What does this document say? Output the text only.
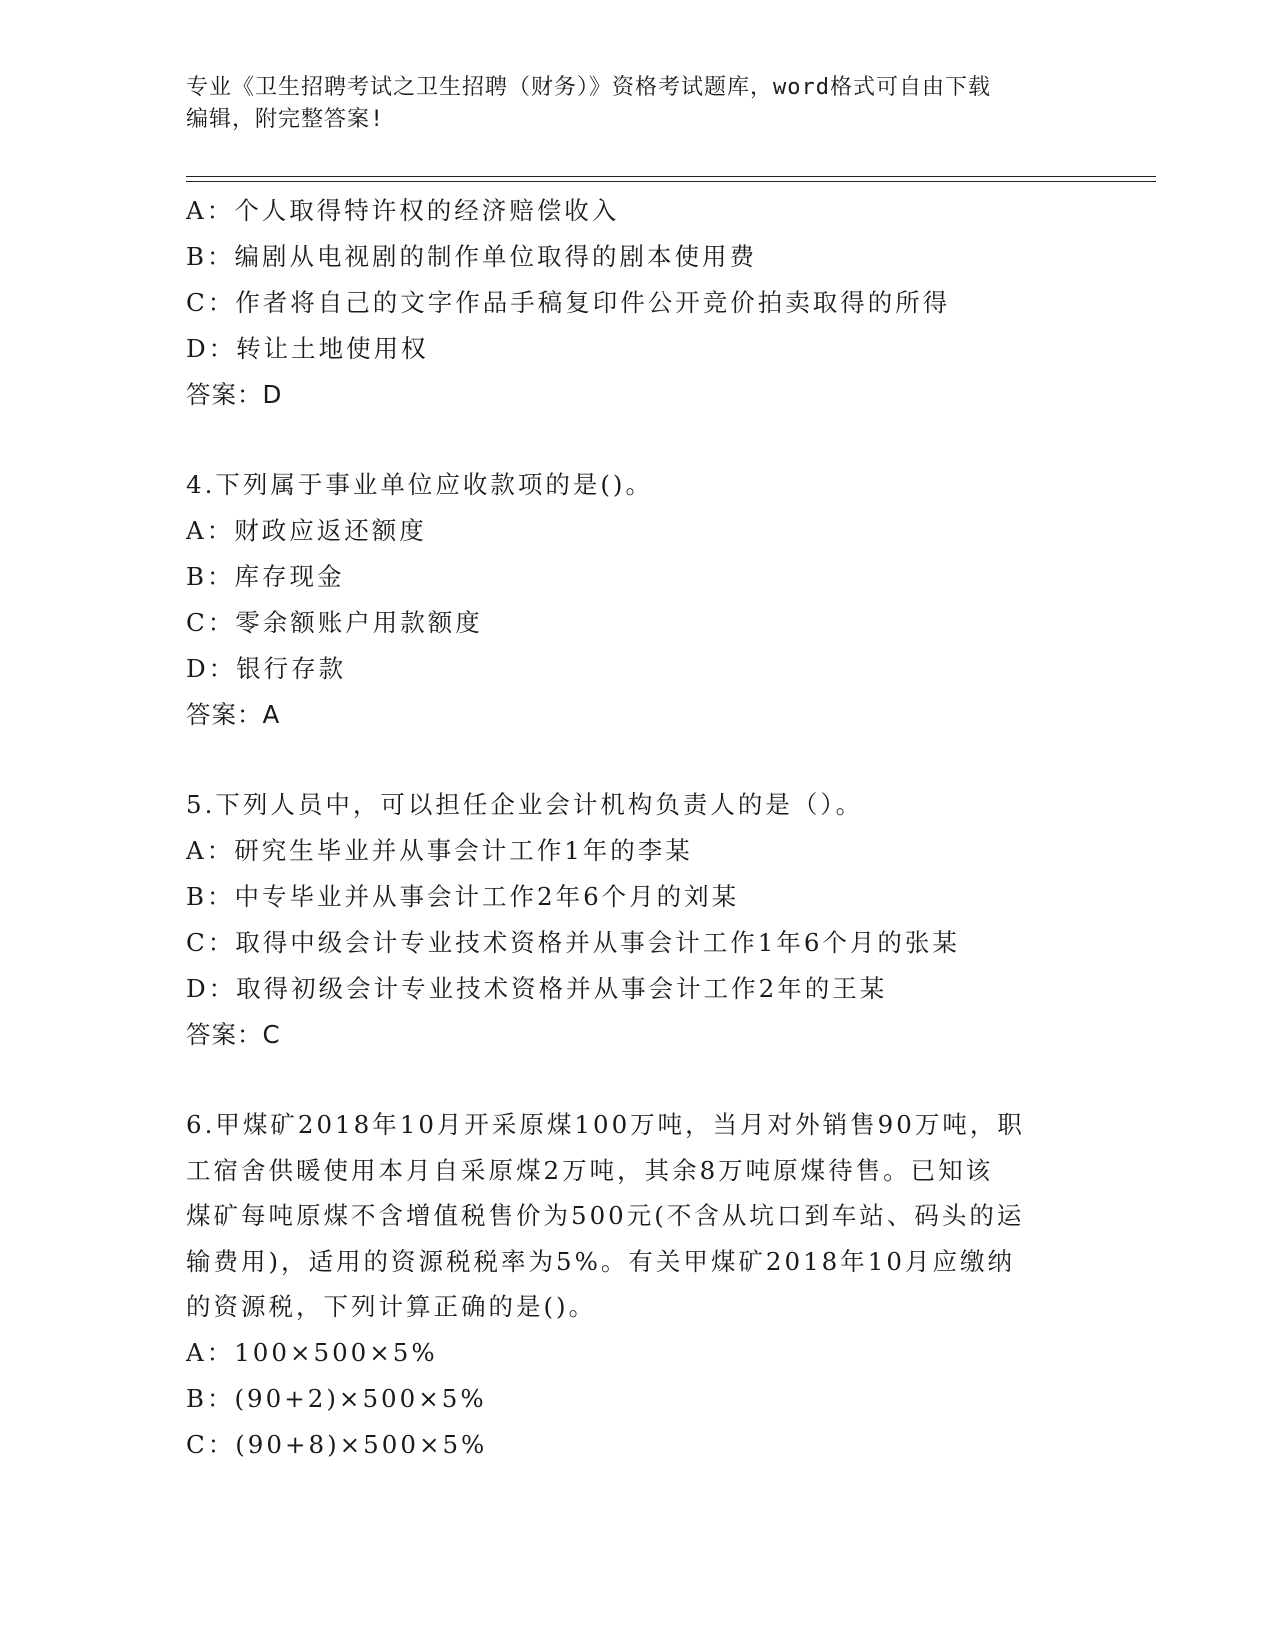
专业《卫生招聘考试之卫生招聘（财务）》资格考试题库，word格式可自由下载
编辑，附完整答案!
A：个人取得特许权的经济赔偿收入
B：编剧从电视剧的制作单位取得的剧本使用费
C：作者将自己的文字作品手稿复印件公开竞价拍卖取得的所得
D：转让土地使用权
答案：D
4.下列属于事业单位应收款项的是()。
A：财政应返还额度
B：库存现金
C：零余额账户用款额度
D：银行存款
答案：A
5.下列人员中，可以担任企业会计机构负责人的是（）。
A：研究生毕业并从事会计工作1年的李某
B：中专毕业并从事会计工作2年6个月的刘某
C：取得中级会计专业技术资格并从事会计工作1年6个月的张某
D：取得初级会计专业技术资格并从事会计工作2年的王某
答案：C
6.甲煤矿2018年10月开采原煤100万吨，当月对外销售90万吨，职
工宿舍供暖使用本月自采原煤2万吨，其余8万吨原煤待售。已知该
煤矿每吨原煤不含增值税售价为500元(不含从坑口到车站、码头的运
输费用)，适用的资源税税率为5%。有关甲煤矿2018年10月应缴纳
的资源税，下列计算正确的是()。
A：100×500×5%
B：(90+2)×500×5%
C：(90+8)×500×5%
